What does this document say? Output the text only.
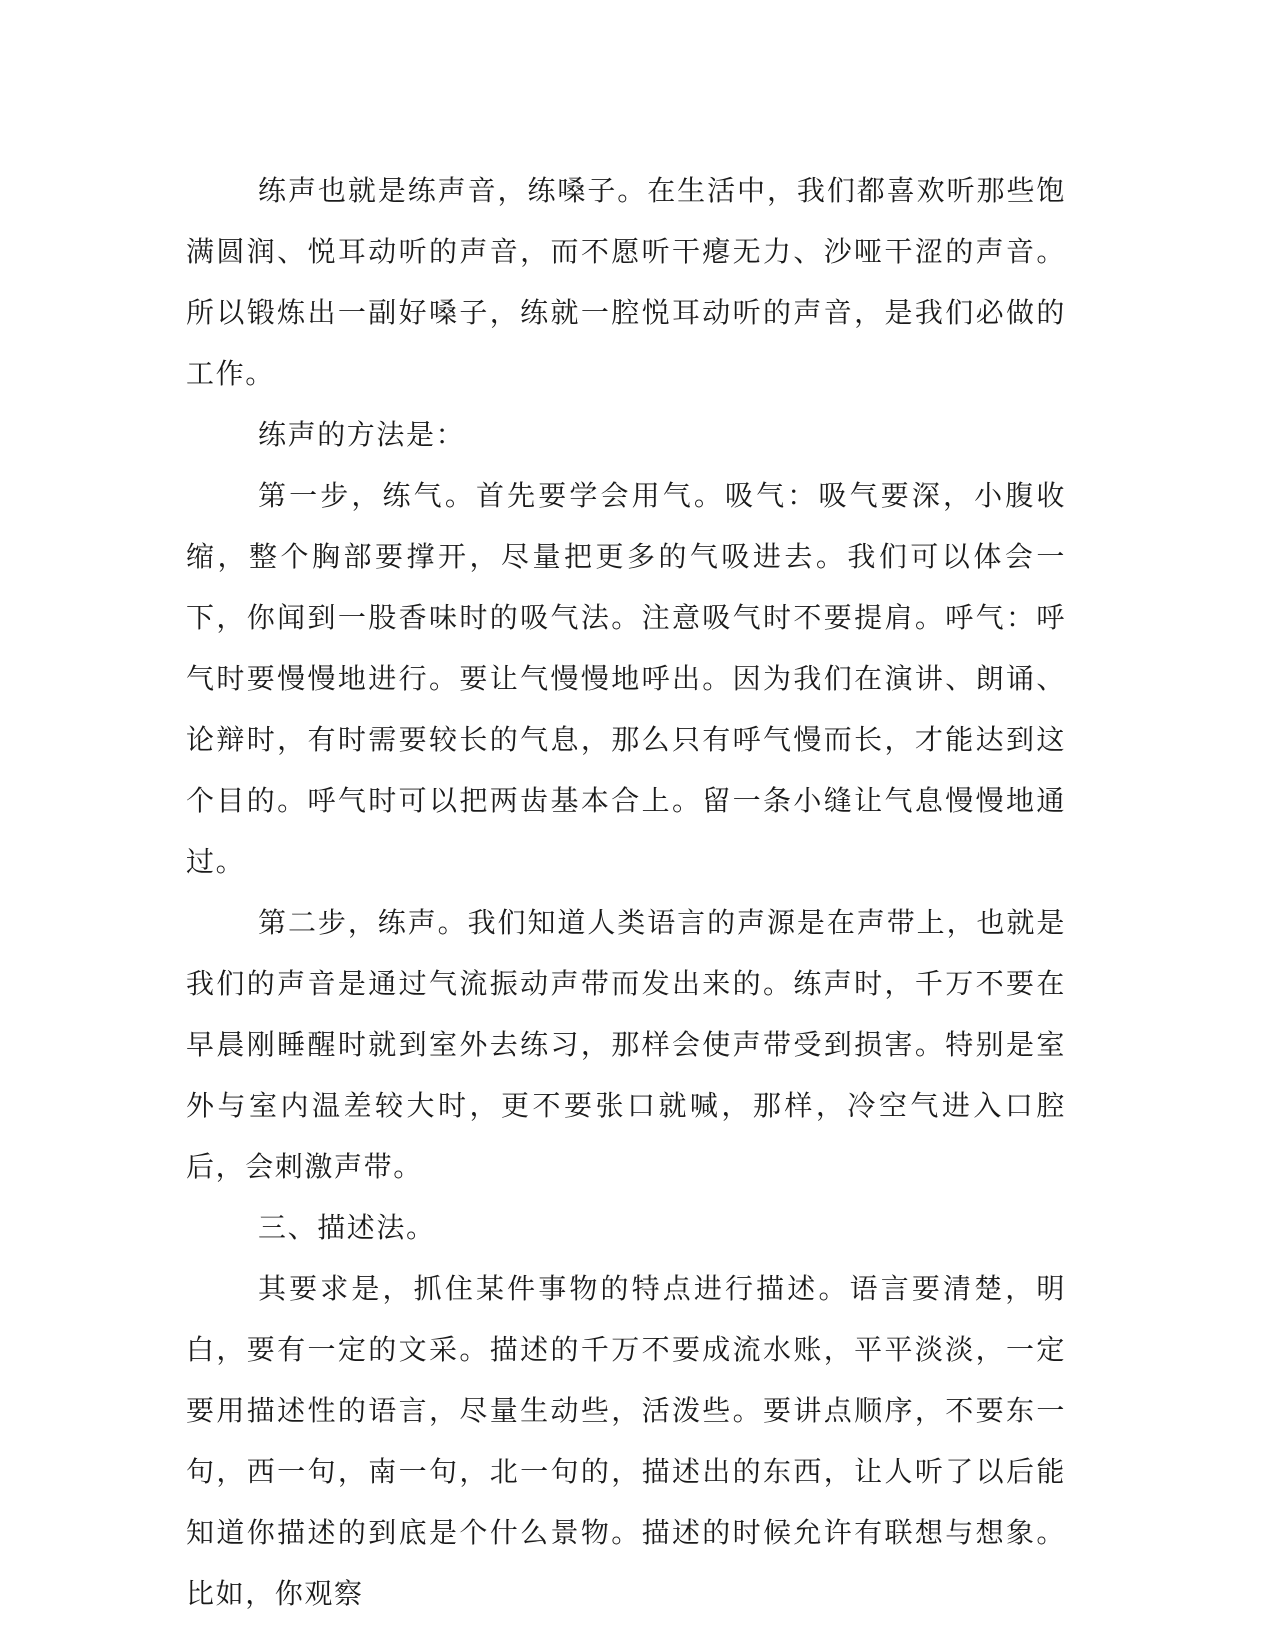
练声也就是练声音，练嗓子。在生活中，我们都喜欢听那些饱满圆润、悦耳动听的声音，而不愿听干瘪无力、沙哑干涩的声音。所以锻炼出一副好嗓子，练就一腔悦耳动听的声音，是我们必做的工作。

练声的方法是：

第一步，练气。首先要学会用气。吸气：吸气要深，小腹收缩，整个胸部要撑开，尽量把更多的气吸进去。我们可以体会一下，你闻到一股香味时的吸气法。注意吸气时不要提肩。呼气：呼气时要慢慢地进行。要让气慢慢地呼出。因为我们在演讲、朗诵、论辩时，有时需要较长的气息，那么只有呼气慢而长，才能达到这个目的。呼气时可以把两齿基本合上。留一条小缝让气息慢慢地通过。

第二步，练声。我们知道人类语言的声源是在声带上，也就是我们的声音是通过气流振动声带而发出来的。练声时，千万不要在早晨刚睡醒时就到室外去练习，那样会使声带受到损害。特别是室外与室内温差较大时，更不要张口就喊，那样，冷空气进入口腔后，会刺激声带。

三、描述法。

其要求是，抓住某件事物的特点进行描述。语言要清楚，明白，要有一定的文采。描述的千万不要成流水账，平平淡淡，一定要用描述性的语言，尽量生动些，活泼些。要讲点顺序，不要东一句，西一句，南一句，北一句的，描述出的东西，让人听了以后能知道你描述的到底是个什么景物。描述的时候允许有联想与想象。比如，你观察
